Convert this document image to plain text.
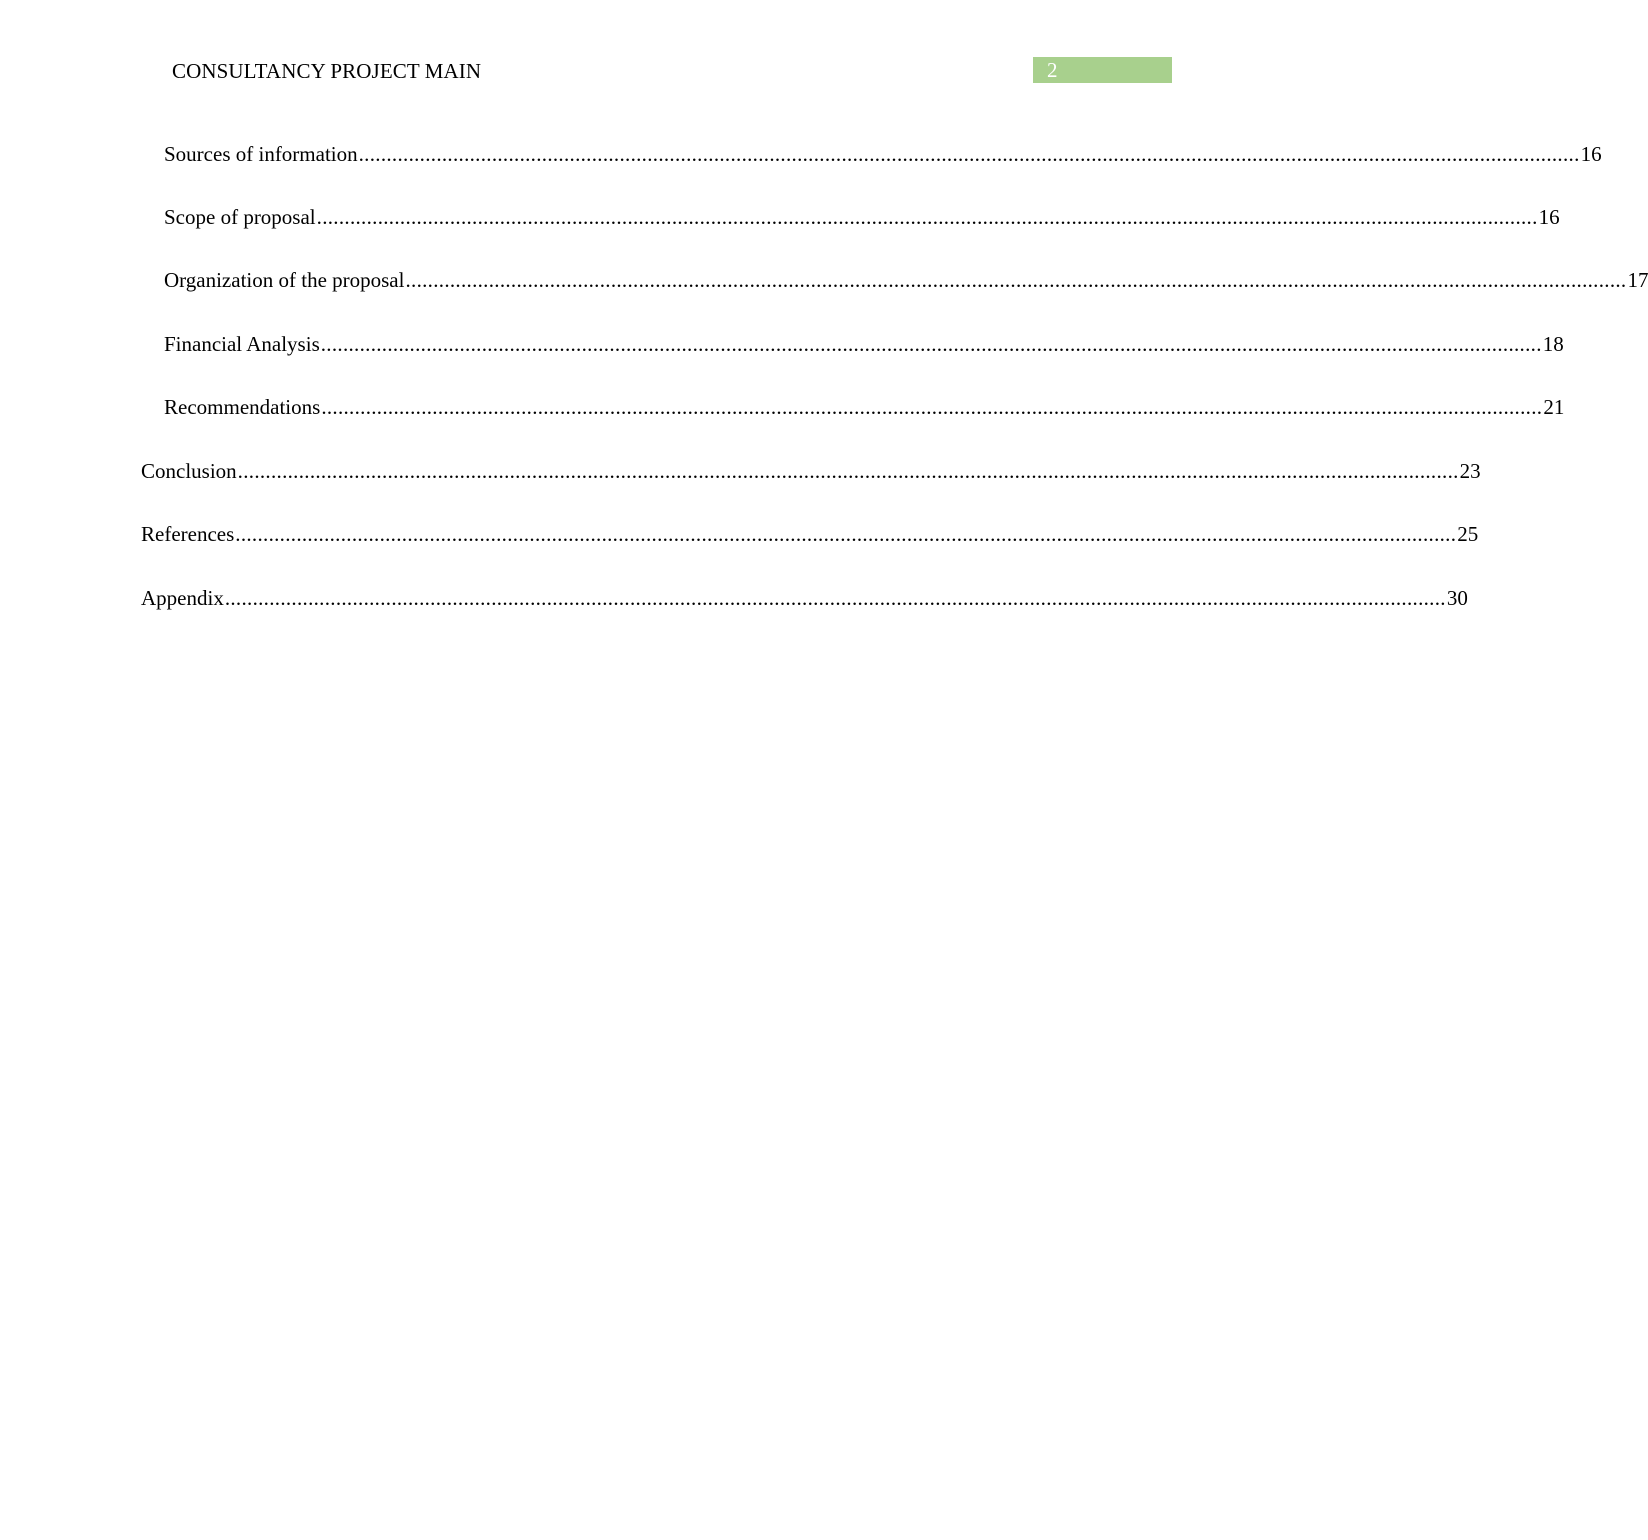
CONSULTANCY PROJECT MAIN	2
Sources of information ............................................................................................................................................................................................................................ 16
Scope of proposal ............................................................................................................................................................................................................................ 16
Organization of the proposal ............................................................................................................................................................................................................................ 17
Financial Analysis ............................................................................................................................................................................................................................ 18
Recommendations ............................................................................................................................................................................................................................ 21
Conclusion ............................................................................................................................................................................................................................ 23
References ............................................................................................................................................................................................................................ 25
Appendix ............................................................................................................................................................................................................................ 30
